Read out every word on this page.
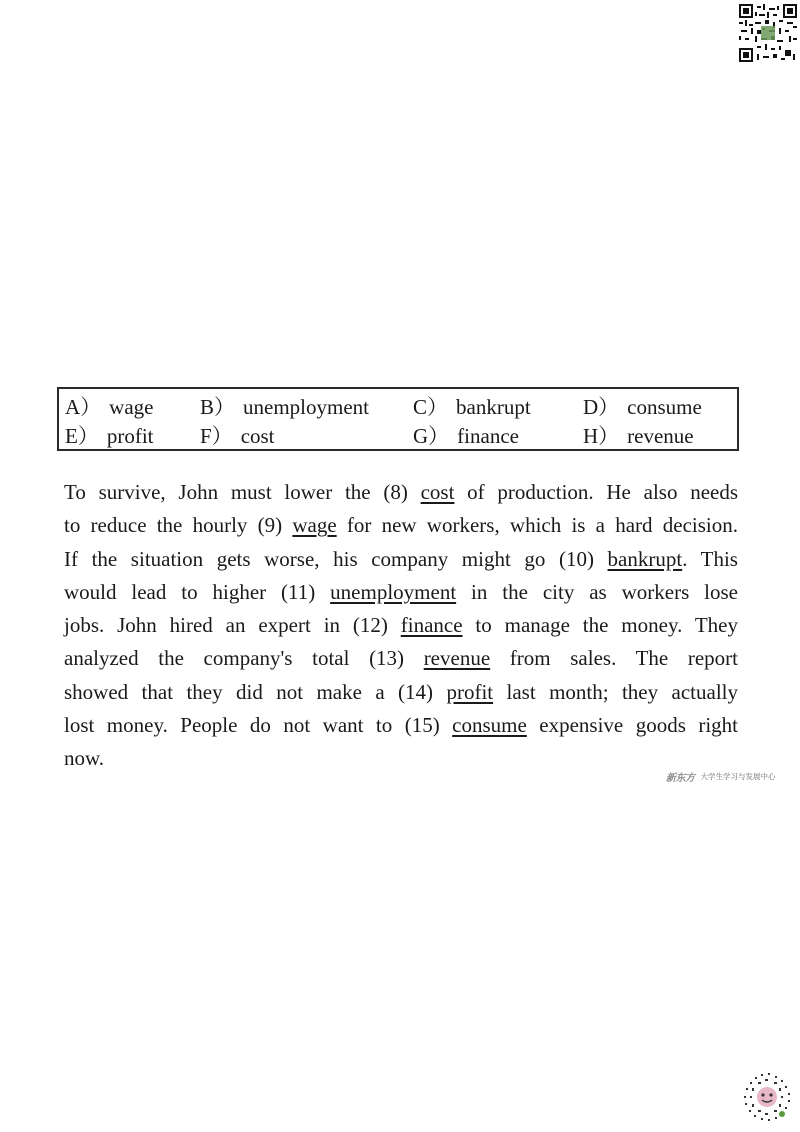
A） wage B） unemployment C） bankrupt D） consume
E） profit F） cost	G） finance	H） revenue
To survive, John must lower the (8) cost of production. He also needs
to reduce the hourly (9) wage for new workers, which is a hard decision.
If the situation gets worse, his company might go (10) bankrupt. This
would lead to higher (11) unemployment in the city as workers lose
jobs. John hired an expert in (12) finance to manage the money. They
analyzed the company's total (13) revenue from sales. The report
showed that they did not make a (14) profit last month; they actually
lost money. People do not want to (15) consume expensive goods right
now.
新东方 大学生学习与发展中心
